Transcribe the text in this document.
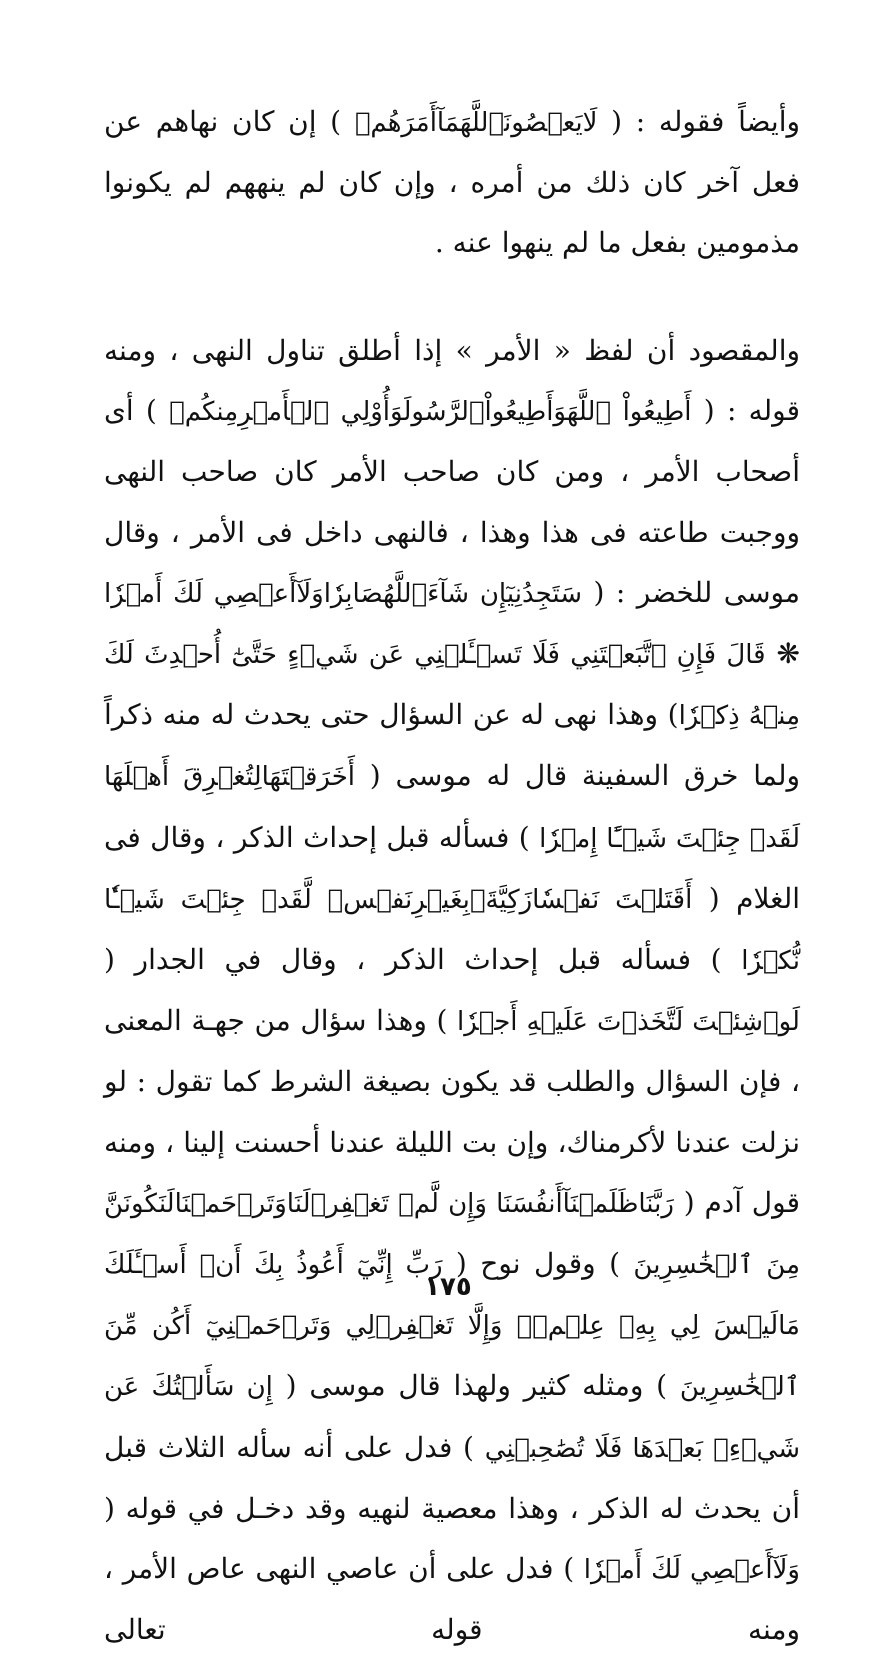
وأيضاً فقوله : ( لَايَعۡصُونَٱللَّهَمَآأَمَرَهُمۡ ) إن كان نهاهم عن فعل آخر كان ذلك من أمره ، وإن كان لم ينههم لم يكونوا مذمومين بفعل ما لم ينهوا عنه .

والمقصود أن لفظ « الأمر » إذا أطلق تناول النهى ، ومنه قوله : ( أَطِيعُواْ ٱللَّهَوَأَطِيعُواْٱلرَّسُولَوَأُوْلِي ٱلۡأَمۡرِمِنكُمۡ ) أى أصحاب الأمر ، ومن كان صاحب الأمر كان صاحب النهى ووجبت طاعته فى هذا وهذا ، فالنهى داخل فى الأمر ، وقال موسى للخضر : ( سَتَجِدُنِيٓإِن شَآءَٱللَّهُصَابِرٗاوَلَآأَعۡصِي لَكَ أَمۡرٗا ❋ قَالَ فَإِنِ ٱتَّبَعۡتَنِي فَلَا تَسۡـَٔلۡنِي عَن شَيۡءٍ حَتَّىٰٓ أُحۡدِثَ لَكَ مِنۡهُ ذِكۡرٗا) وهذا نهى له عن السؤال حتى يحدث له منه ذكراً ولما خرق السفينة قال له موسى ( أَخَرَقۡتَهَالِتُغۡرِقَ أَهۡلَهَا لَقَدۡ جِئۡتَ شَيۡـًٔا إِمۡرٗا ) فسأله قبل إحداث الذكر ، وقال فى الغلام ( أَقَتَلۡتَ نَفۡسٗازَكِيَّةَۢبِغَيۡرِنَفۡسٖ لَّقَدۡ جِئۡتَ شَيۡـٔٗا نُّكۡرٗا ) فسأله قبل إحداث الذكر ، وقال في الجدار ( لَوۡشِئۡتَ لَتَّخَذۡتَ عَلَيۡهِ أَجۡرٗا ) وهذا سؤال من جهـة المعنى ، فإن السؤال والطلب قد يكون بصيغة الشرط كما تقول : لو نزلت عندنا لأكرمناك، وإن بت الليلة عندنا أحسنت إلينا ، ومنه قول آدم ( رَبَّنَاظَلَمۡنَآأَنفُسَنَا وَإِن لَّمۡ تَغۡفِرۡلَنَاوَتَرۡحَمۡنَالَنَكُونَنَّ مِنَ ٱلۡخَٰسِرِينَ ) وقول نوح ( رَبِّ إِنِّيٓ أَعُوذُ بِكَ أَنۡ أَسۡـَٔلَكَ مَالَيۡسَ لِي بِهِۦ عِلۡمٞۖ وَإِلَّا تَغۡفِرۡلِي وَتَرۡحَمۡنِيٓ أَكُن مِّنَ ٱلۡخَٰسِرِينَ ) ومثله كثير ولهذا قال موسى ( إِن سَأَلۡتُكَ عَن شَيۡءِۭ بَعۡدَهَا فَلَا تُصَٰحِبۡنِي ) فدل على أنه سأله الثلاث قبل أن يحدث له الذكر ، وهذا معصية لنهيه وقد دخـل في قوله ( وَلَآأَعۡصِي لَكَ أَمۡرٗا ) فدل على أن عاصي النهى عاص الأمر ، ومنه قوله تعالى

١٧٥
